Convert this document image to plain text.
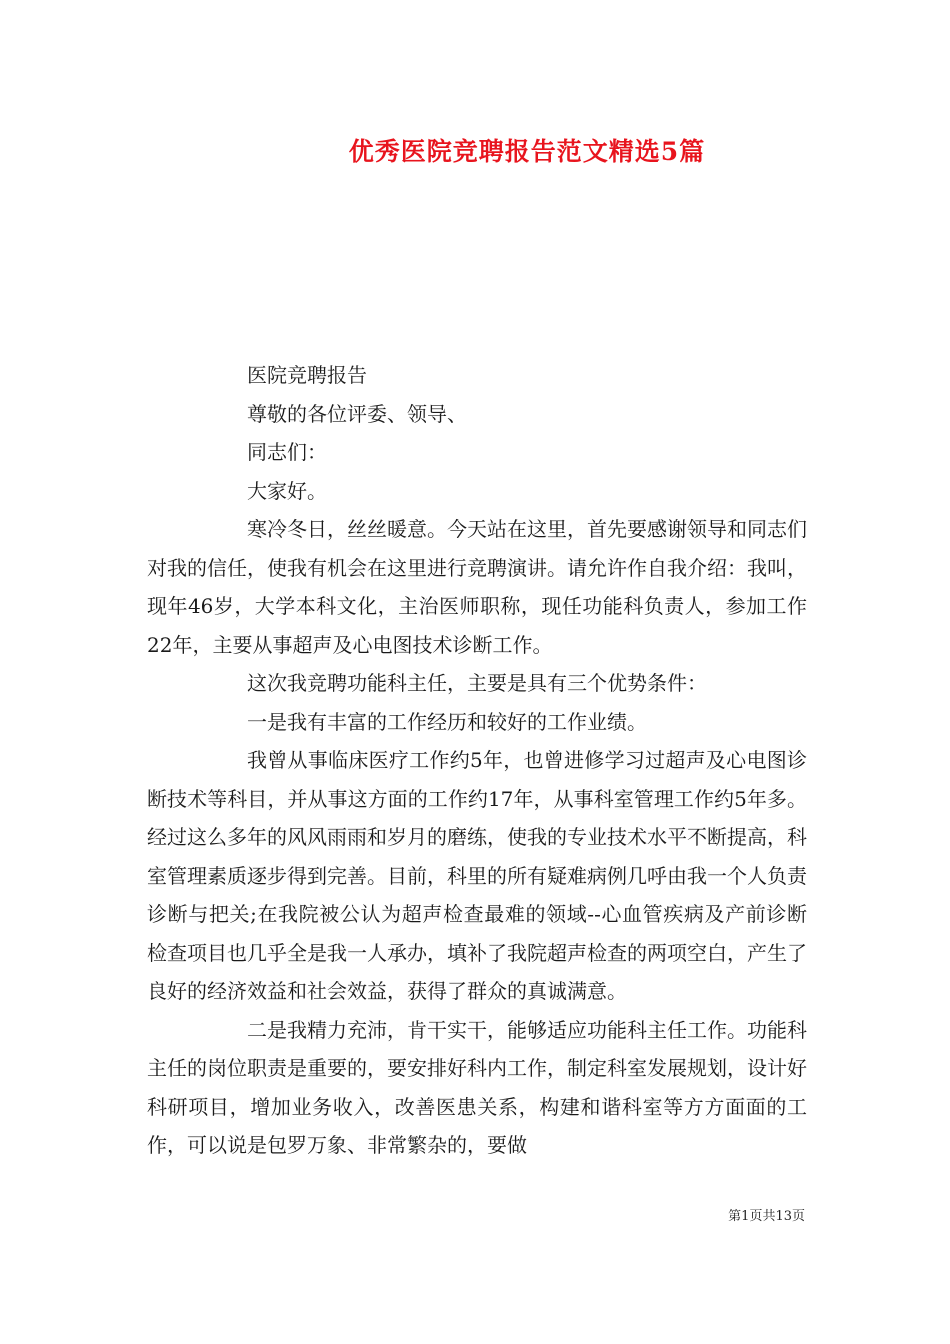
优秀医院竞聘报告范文精选5篇

医院竞聘报告

尊敬的各位评委、领导、

同志们：

大家好。

寒冷冬日，丝丝暖意。今天站在这里，首先要感谢领导和同志们对我的信任，使我有机会在这里进行竞聘演讲。请允许作自我介绍：我叫，现年46岁，大学本科文化，主治医师职称，现任功能科负责人，参加工作22年，主要从事超声及心电图技术诊断工作。

这次我竞聘功能科主任，主要是具有三个优势条件：

一是我有丰富的工作经历和较好的工作业绩。

我曾从事临床医疗工作约5年，也曾进修学习过超声及心电图诊断技术等科目，并从事这方面的工作约17年，从事科室管理工作约5年多。经过这么多年的风风雨雨和岁月的磨练，使我的专业技术水平不断提高，科室管理素质逐步得到完善。目前，科里的所有疑难病例几呼由我一个人负责诊断与把关;在我院被公认为超声检查最难的领域--心血管疾病及产前诊断检查项目也几乎全是我一人承办，填补了我院超声检查的两项空白，产生了良好的经济效益和社会效益，获得了群众的真诚满意。

二是我精力充沛，肯干实干，能够适应功能科主任工作。功能科主任的岗位职责是重要的，要安排好科内工作，制定科室发展规划，设计好科研项目，增加业务收入，改善医患关系，构建和谐科室等方方面面的工作，可以说是包罗万象、非常繁杂的，要做

第1页共13页
